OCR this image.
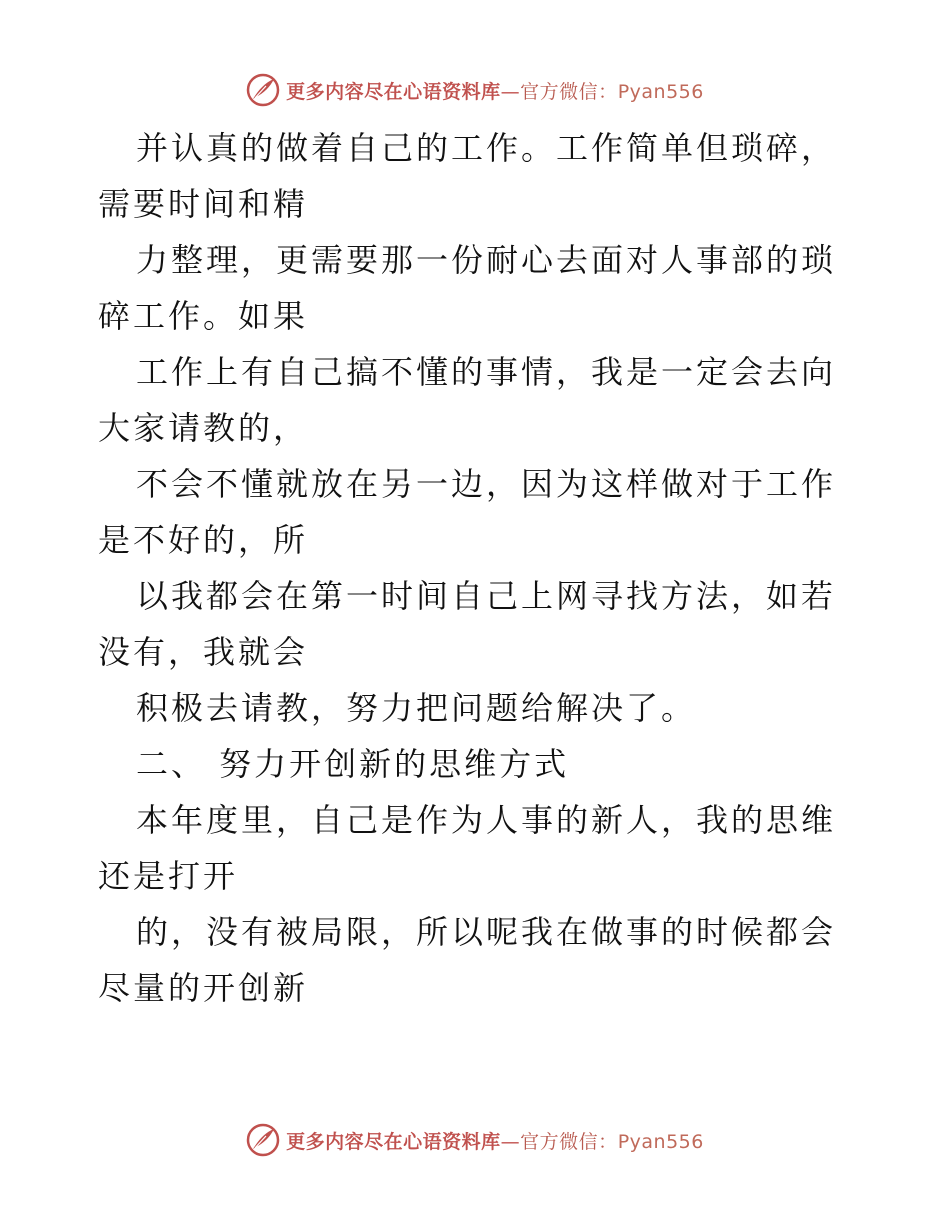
更多内容尽在心语资料库—官方微信：Pyan556

并认真的做着自己的工作。工作简单但琐碎，需要时间和精

力整理，更需要那一份耐心去面对人事部的琐碎工作。如果

工作上有自己搞不懂的事情，我是一定会去向大家请教的，

不会不懂就放在另一边，因为这样做对于工作是不好的，所

以我都会在第一时间自己上网寻找方法，如若没有，我就会

积极去请教，努力把问题给解决了。

二、 努力开创新的思维方式

本年度里，自己是作为人事的新人，我的思维还是打开

的，没有被局限，所以呢我在做事的时候都会尽量的开创新

更多内容尽在心语资料库—官方微信：Pyan556
